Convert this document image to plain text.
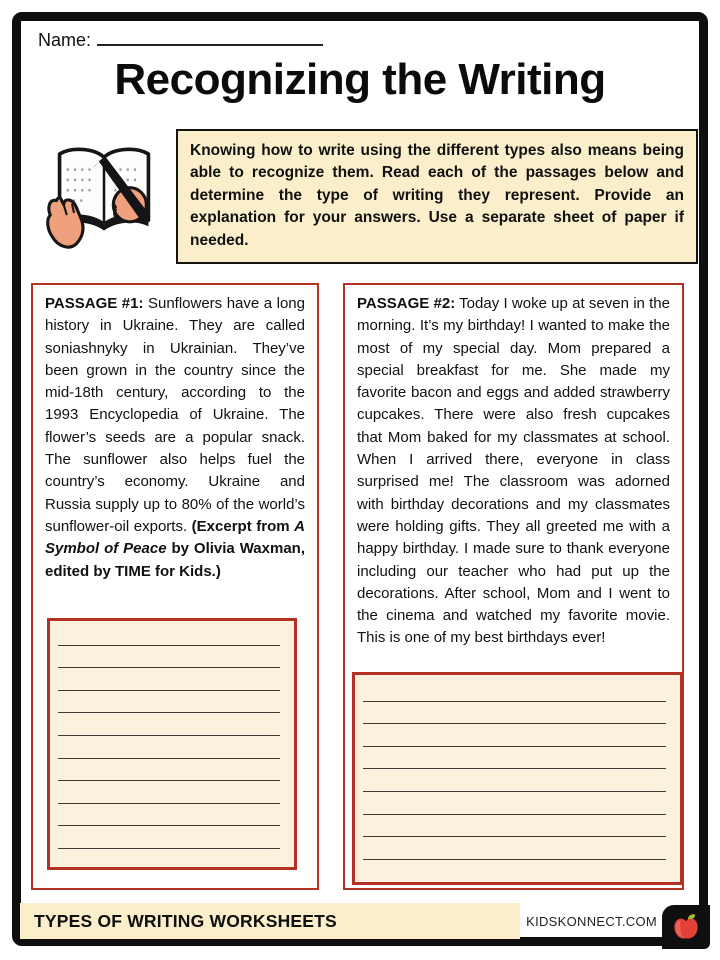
Name:
Recognizing the Writing
Knowing how to write using the different types also means being able to recognize them. Read each of the passages below and determine the type of writing they represent. Provide an explanation for your answers. Use a separate sheet of paper if needed.

PASSAGE #1: Sunflowers have a long history in Ukraine. They are called soniashnyky in Ukrainian. They’ve been grown in the country since the mid-18th century, according to the 1993 Encyclopedia of Ukraine. The flower’s seeds are a popular snack. The sunflower also helps fuel the country’s economy. Ukraine and Russia supply up to 80% of the world’s sunflower-oil exports. (Excerpt from A Symbol of Peace by Olivia Waxman, edited by TIME for Kids.)

PASSAGE #2: Today I woke up at seven in the morning. It’s my birthday! I wanted to make the most of my special day. Mom prepared a special breakfast for me. She made my favorite bacon and eggs and added strawberry cupcakes. There were also fresh cupcakes that Mom baked for my classmates at school. When I arrived there, everyone in class surprised me! The classroom was adorned with birthday decorations and my classmates were holding gifts. They all greeted me with a happy birthday. I made sure to thank everyone including our teacher who had put up the decorations. After school, Mom and I went to the cinema and watched my favorite movie. This is one of my best birthdays ever!

TYPES OF WRITING WORKSHEETS	KIDSKONNECT.COM
